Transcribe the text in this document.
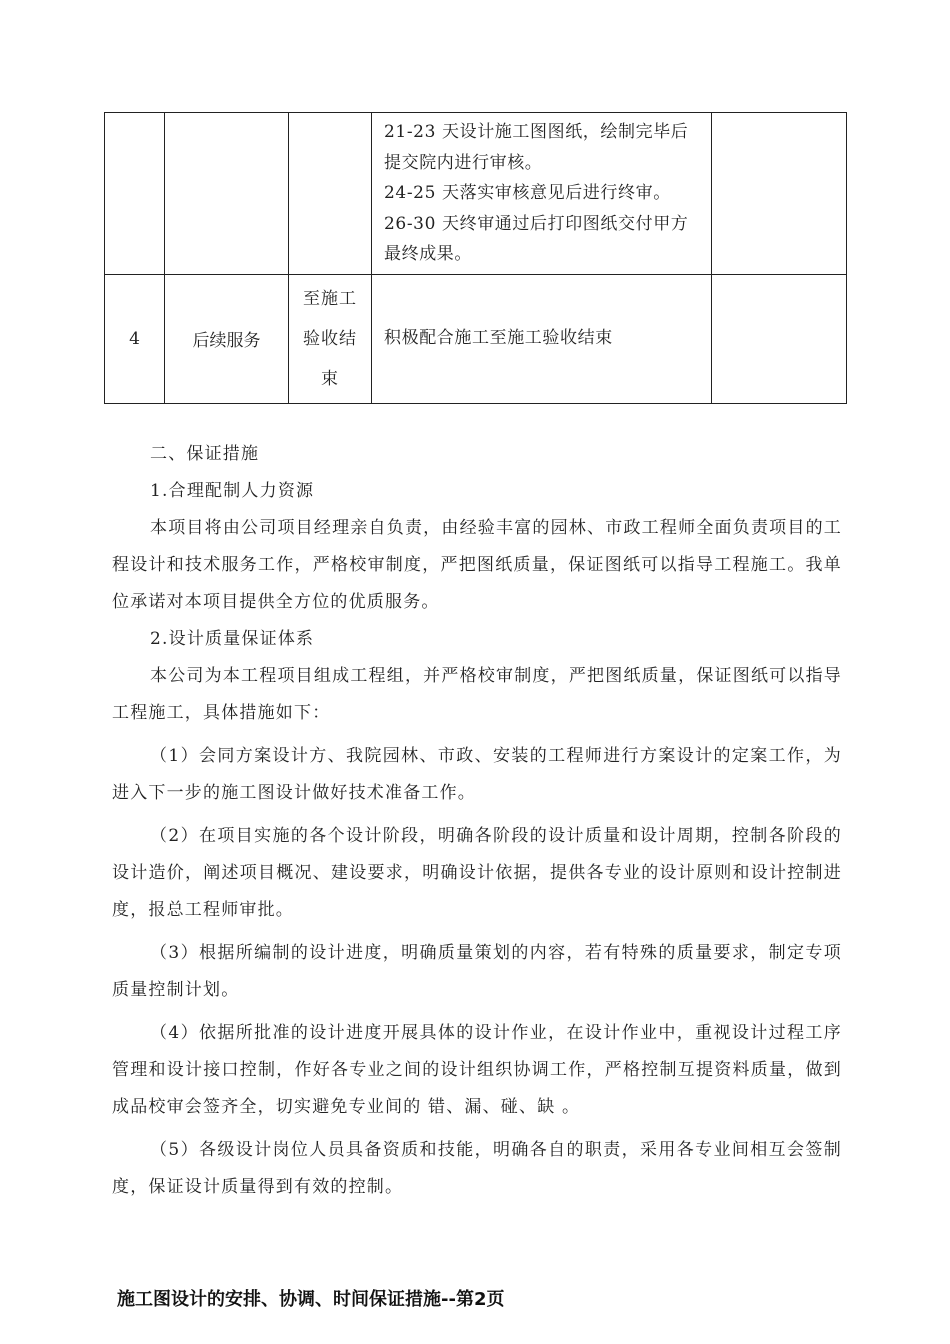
			21-23 天设计施工图图纸，绘制完毕后
提交院内进行审核。
24-25 天落实审核意见后进行终审。
26-30 天终审通过后打印图纸交付甲方
最终成果。	

4	后续服务	至施工
验收结
束	积极配合施工至施工验收结束	

二、保证措施

1.合理配制人力资源

本项目将由公司项目经理亲自负责，由经验丰富的园林、市政工程师全面负责项目的工程设计和技术服务工作，严格校审制度，严把图纸质量，保证图纸可以指导工程施工。我单位承诺对本项目提供全方位的优质服务。

2.设计质量保证体系

本公司为本工程项目组成工程组，并严格校审制度，严把图纸质量，保证图纸可以指导工程施工，具体措施如下：

（1）会同方案设计方、我院园林、市政、安装的工程师进行方案设计的定案工作，为进入下一步的施工图设计做好技术准备工作。

（2）在项目实施的各个设计阶段，明确各阶段的设计质量和设计周期，控制各阶段的设计造价，阐述项目概况、建设要求，明确设计依据，提供各专业的设计原则和设计控制进度，报总工程师审批。

（3）根据所编制的设计进度，明确质量策划的内容，若有特殊的质量要求，制定专项质量控制计划。

（4）依据所批准的设计进度开展具体的设计作业，在设计作业中，重视设计过程工序管理和设计接口控制，作好各专业之间的设计组织协调工作，严格控制互提资料质量，做到成品校审会签齐全，切实避免专业间的 错、漏、碰、缺 。

（5）各级设计岗位人员具备资质和技能，明确各自的职责，采用各专业间相互会签制度，保证设计质量得到有效的控制。

施工图设计的安排、协调、时间保证措施--第2页
